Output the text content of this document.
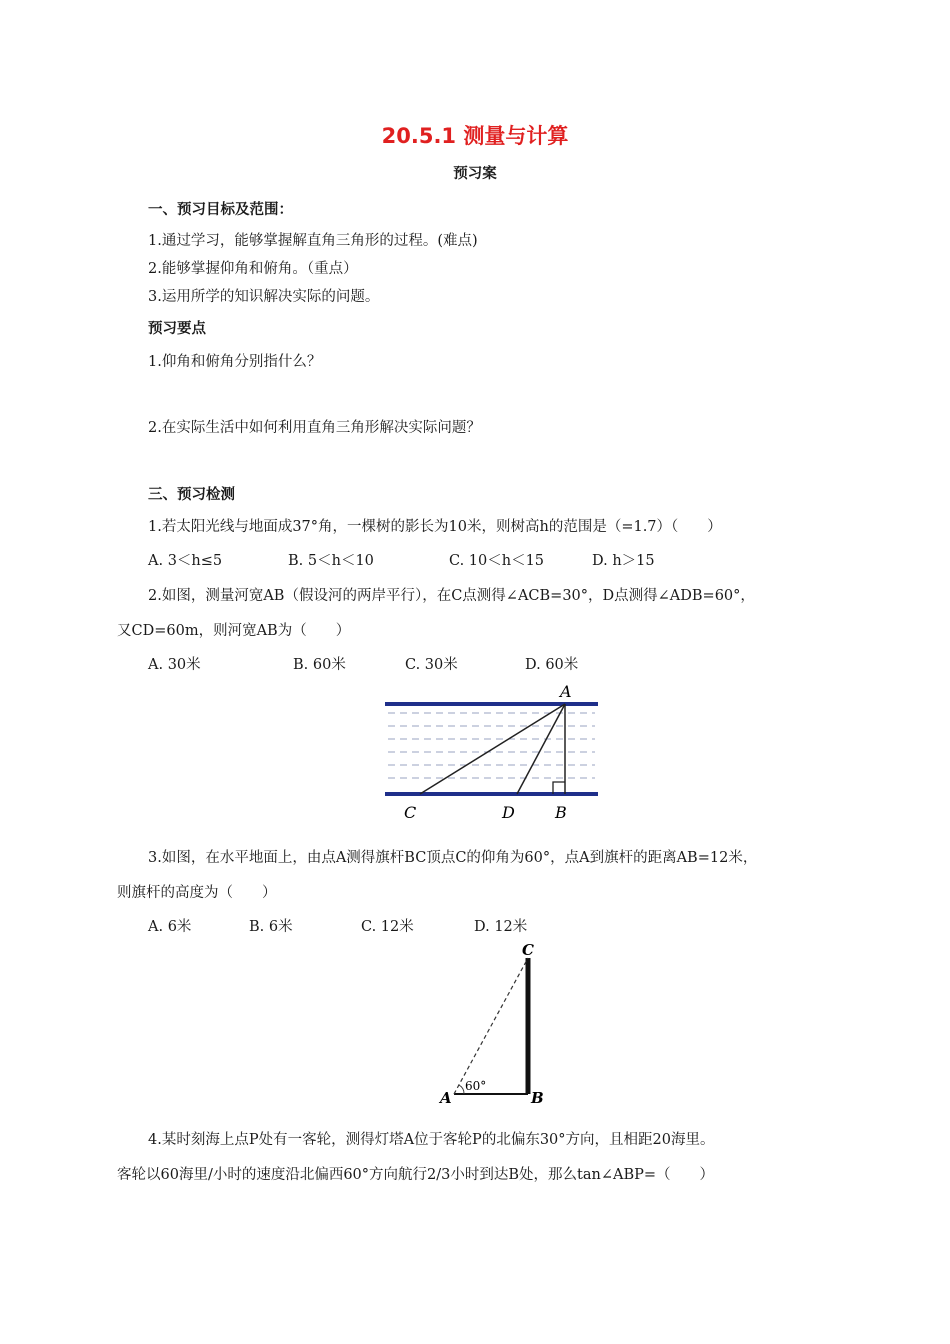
20.5.1 测量与计算
预习案
一、预习目标及范围：
1.通过学习，能够掌握解直角三角形的过程。(难点)
2.能够掌握仰角和俯角。（重点）
3.运用所学的知识解决实际的问题。
预习要点
1.仰角和俯角分别指什么？
2.在实际生活中如何利用直角三角形解决实际问题？
三、预习检测
1.若太阳光线与地面成37°角，一棵树的影长为10米，则树高h的范围是（=1.7）（　　）
A. 3＜h≤5	B. 5＜h＜10	C. 10＜h＜15	D. h＞15
2.如图，测量河宽AB（假设河的两岸平行），在C点测得∠ACB=30°，D点测得∠ADB=60°，
又CD=60m，则河宽AB为（　　）
A. 30米	B. 60米	C. 30米	D. 60米
A
C	D	B
3.如图，在水平地面上，由点A测得旗杆BC顶点C的仰角为60°，点A到旗杆的距离AB=12米，
则旗杆的高度为（　　）
A. 6米	B. 6米	C. 12米	D. 12米
60°
C
A	B
4.某时刻海上点P处有一客轮，测得灯塔A位于客轮P的北偏东30°方向，且相距20海里。
客轮以60海里/小时的速度沿北偏西60°方向航行2/3小时到达B处，那么tan∠ABP=（　　）
